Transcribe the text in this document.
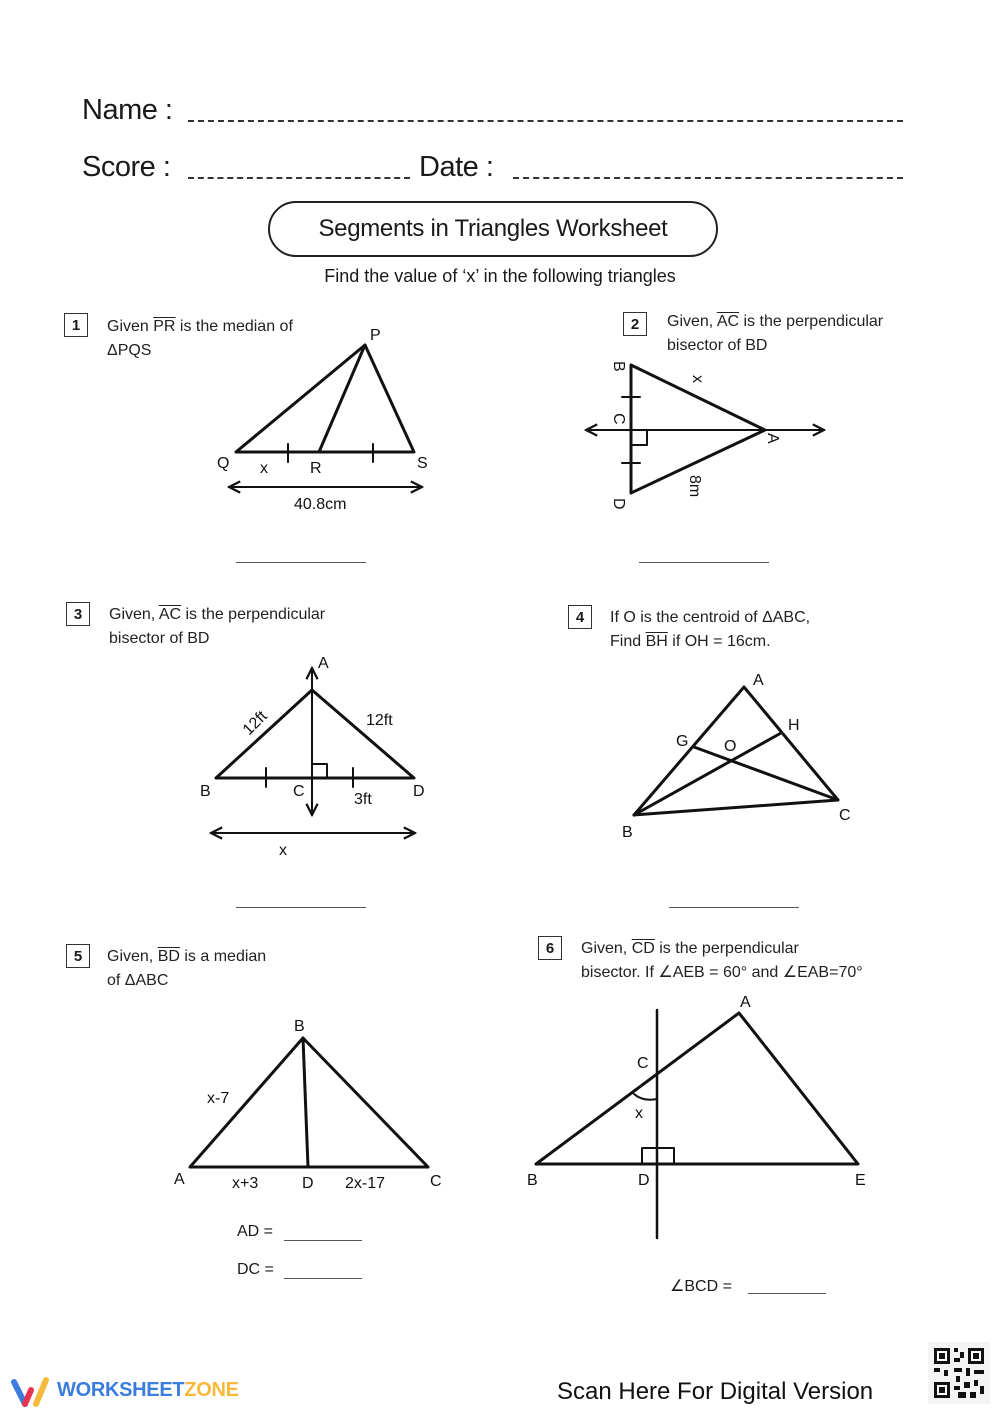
Name :
Score :	Date :
Segments in Triangles Worksheet
Find the value of ‘x’ in the following triangles
1	Given $\overline{PR}$ is the median of
ΔPQS
2	Given, $\overline{AC}$ is the perpendicular
bisector of BD
3	Given, $\overline{AC}$ is the perpendicular
bisector of BD
4	If O is the centroid of ΔABC,
Find $\overline{BH}$ if OH = 16cm.
5	Given, $\overline{BD}$ is a median
of ΔABC
AD =
DC =
6	Given, $\overline{CD}$ is the perpendicular
bisector. If ∠AEB = 60° and ∠EAB=70°
∠BCD =
P
Q x	R	S
40.8cm
B
C
D
A
x
8m
A
B	C	D
12ft	12ft
3ft
x
A
G O
H
C
B
B
x-7
A	x+3	D 2x-17	C
A
C
x
B	D	E
WORKSHEETZONE	Scan Here For Digital Version
